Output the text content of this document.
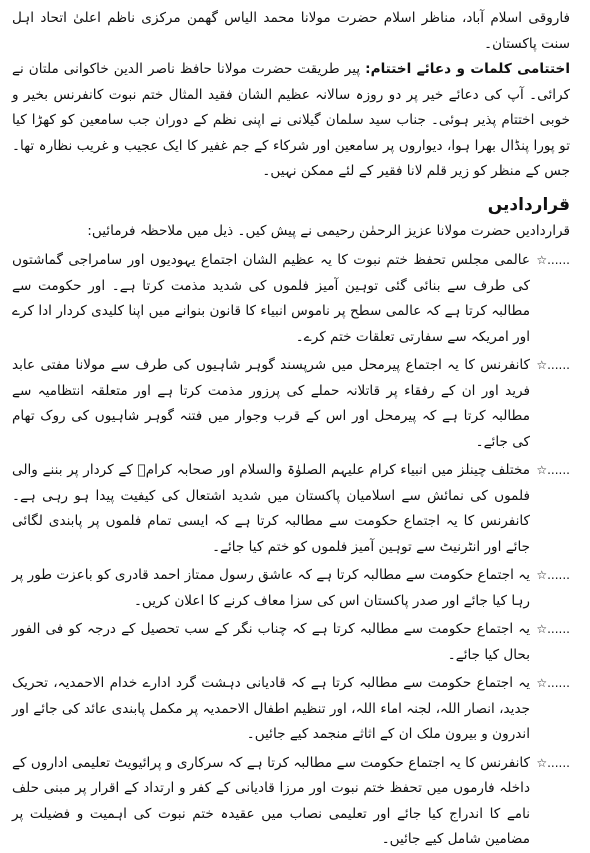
فاروقی اسلام آباد، مناظر اسلام حضرت مولانا محمد الیاس گھمن مرکزی ناظم اعلیٰ اتحاد اہل سنت پاکستان۔

اختتامی کلمات و دعائے اختتام: پیر طریقت حضرت مولانا حافظ ناصر الدین خاکوانی ملتان نے کرائی۔ آپ کی دعائے خیر پر دو روزہ سالانہ عظیم الشان فقید المثال ختم نبوت کانفرنس بخیر و خوبی اختتام پذیر ہوئی۔ جناب سید سلمان گیلانی نے اپنی نظم کے دوران جب سامعین کو کھڑا کیا تو پورا پنڈال بھرا ہوا، دیواروں پر سامعین اور شرکاء کے جم غفیر کا ایک عجیب و غریب نظارہ تھا۔ جس کے منظر کو زیر قلم لانا فقیر کے لئے ممکن نہیں۔

قراردادیں

قراردادیں حضرت مولانا عزیز الرحمٰن رحیمی نے پیش کیں۔ ذیل میں ملاحظہ فرمائیں:

☆......
عالمی مجلس تحفظ ختم نبوت کا یہ عظیم الشان اجتماع یہودیوں اور سامراجی گماشتوں کی طرف سے بنائی گئی توہین آمیز فلموں کی شدید مذمت کرتا ہے۔ اور حکومت سے مطالبہ کرتا ہے کہ عالمی سطح پر ناموس انبیاء کا قانون بنوانے میں اپنا کلیدی کردار ادا کرے اور امریکہ سے سفارتی تعلقات ختم کرے۔
☆......
کانفرنس کا یہ اجتماع پیرمحل میں شرپسند گوہر شاہیوں کی طرف سے مولانا مفتی عابد فرید اور ان کے رفقاء پر قاتلانہ حملے کی پرزور مذمت کرتا ہے اور متعلقہ انتظامیہ سے مطالبہ کرتا ہے کہ پیرمحل اور اس کے قرب وجوار میں فتنہ گوہر شاہیوں کی روک تھام کی جائے۔
☆......
مختلف چینلز میں انبیاء کرام علیہم الصلوٰۃ والسلام اور صحابہ کرامؓ کے کردار پر بننے والی فلموں کی نمائش سے اسلامیان پاکستان میں شدید اشتعال کی کیفیت پیدا ہو رہی ہے۔ کانفرنس کا یہ اجتماع حکومت سے مطالبہ کرتا ہے کہ ایسی تمام فلموں پر پابندی لگائی جائے اور انٹرنیٹ سے توہین آمیز فلموں کو ختم کیا جائے۔
☆......
یہ اجتماع حکومت سے مطالبہ کرتا ہے کہ عاشق رسول ممتاز احمد قادری کو باعزت طور پر رہا کیا جائے اور صدر پاکستان اس کی سزا معاف کرنے کا اعلان کریں۔
☆......
یہ اجتماع حکومت سے مطالبہ کرتا ہے کہ چناب نگر کے سب تحصیل کے درجہ کو فی الفور بحال کیا جائے۔
☆......
یہ اجتماع حکومت سے مطالبہ کرتا ہے کہ قادیانی دہشت گرد ادارے خدام الاحمدیہ، تحریک جدید، انصار اللہ، لجنہ اماء اللہ، اور تنظیم اطفال الاحمدیہ پر مکمل پابندی عائد کی جائے اور اندرون و بیرون ملک ان کے اثاثے منجمد کیے جائیں۔
☆......
کانفرنس کا یہ اجتماع حکومت سے مطالبہ کرتا ہے کہ سرکاری و پرائیویٹ تعلیمی اداروں کے داخلہ فارموں میں تحفظ ختم نبوت اور مرزا قادیانی کے کفر و ارتداد کے اقرار پر مبنی حلف نامے کا اندراج کیا جائے اور تعلیمی نصاب میں عقیدہ ختم نبوت کی اہمیت و فضیلت پر مضامین شامل کیے جائیں۔
